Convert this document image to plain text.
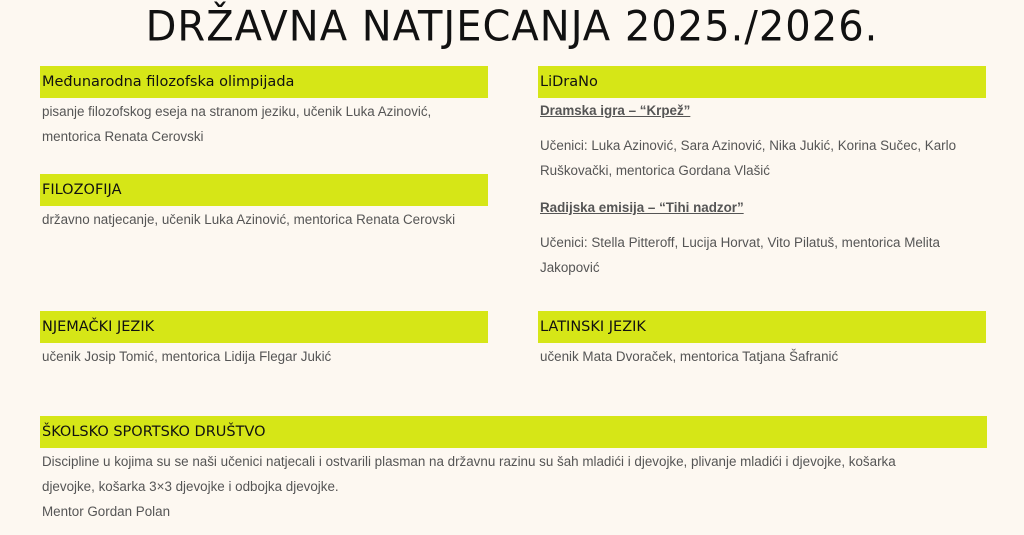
DRŽAVNA NATJECANJA 2025./2026.
Međunarodna filozofska olimpijada
pisanje filozofskog eseja na stranom jeziku, učenik Luka Azinović,
mentorica Renata Cerovski
FILOZOFIJA
državno natjecanje, učenik Luka Azinović, mentorica Renata Cerovski
NJEMAČKI JEZIK
učenik Josip Tomić, mentorica Lidija Flegar Jukić
LiDraNo
Dramska igra – “Krpež”
Učenici: Luka Azinović, Sara Azinović, Nika Jukić, Korina Sučec, Karlo
Ruškovački, mentorica Gordana Vlašić
Radijska emisija – “Tihi nadzor”
Učenici: Stella Pitteroff, Lucija Horvat, Vito Pilatuš, mentorica Melita
Jakopović
LATINSKI JEZIK
učenik Mata Dvoraček, mentorica Tatjana Šafranić
ŠKOLSKO SPORTSKO DRUŠTVO
Discipline u kojima su se naši učenici natjecali i ostvarili plasman na državnu razinu su šah mladići i djevojke, plivanje mladići i djevojke, košarka
djevojke, košarka 3×3 djevojke i odbojka djevojke.
Mentor Gordan Polan
